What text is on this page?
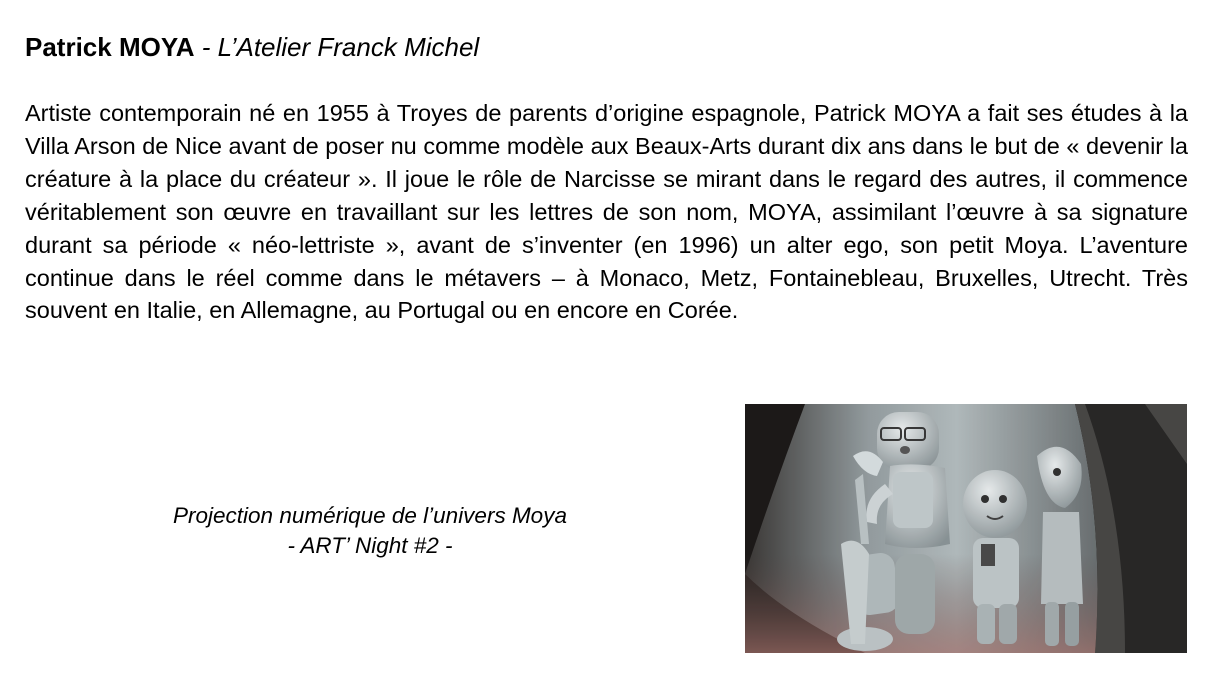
Patrick MOYA - L’Atelier Franck Michel

Artiste contemporain né en 1955 à Troyes de parents d’origine espagnole, Patrick MOYA a fait ses études à la Villa Arson de Nice avant de poser nu comme modèle aux Beaux-Arts durant dix ans dans le but de « devenir la créature à la place du créateur ». Il joue le rôle de Narcisse se mirant dans le regard des autres, il commence véritablement son œuvre en travaillant sur les lettres de son nom, MOYA, assimilant l’œuvre à sa signature durant sa période « néo-lettriste », avant de s’inventer (en 1996) un alter ego, son petit Moya. L’aventure continue dans le réel comme dans le métavers – à Monaco, Metz, Fontainebleau, Bruxelles, Utrecht. Très souvent en Italie, en Allemagne, au Portugal ou en encore en Corée.

Projection numérique de l’univers Moya
- ART’ Night #2 -
